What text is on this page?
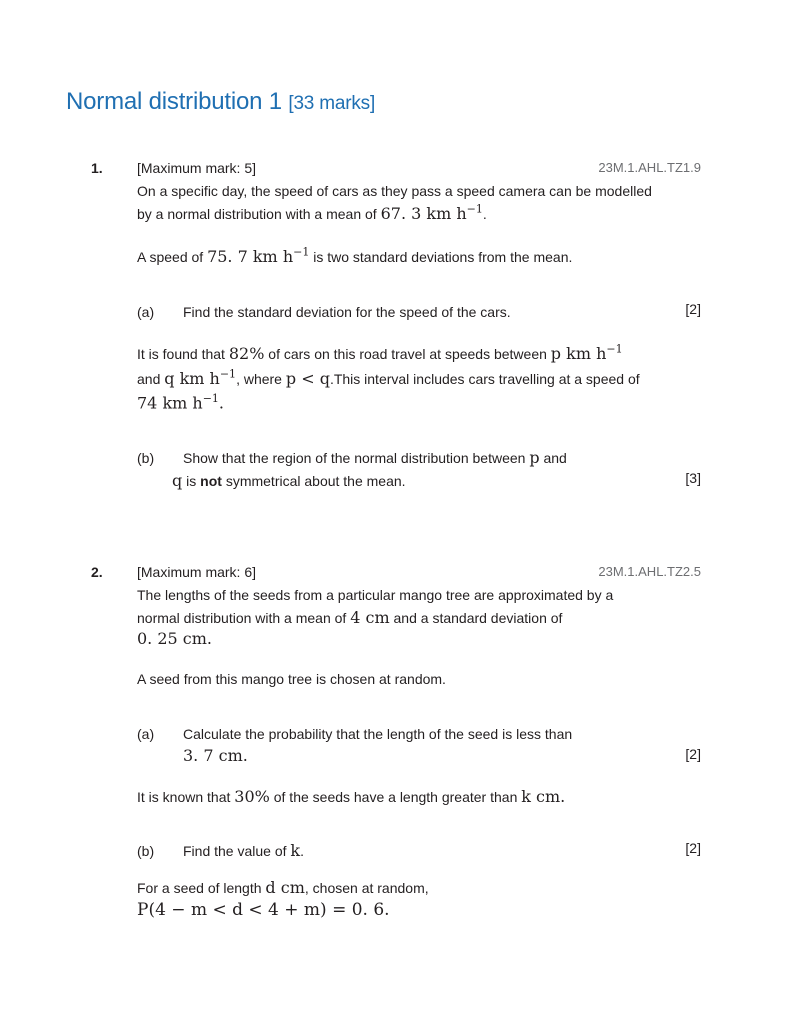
Normal distribution 1 [33 marks]
1. [Maximum mark: 5]	23M.1.AHL.TZ1.9
On a specific day, the speed of cars as they pass a speed camera can be modelled
by a normal distribution with a mean of 67. 3 km $h^{-1}$.
A speed of 75. 7 km $h^{-1}$ is two standard deviations from the mean.
(a) Find the standard deviation for the speed of the cars.	[2]
It is found that 82% of cars on this road travel at speeds between p km $h^{-1}$
and q km $h^{-1}$, where p < q.This interval includes cars travelling at a speed of
74 km $h^{-1}$.
(b) Show that the region of the normal distribution between p and
q is not symmetrical about the mean.	[3]
2. [Maximum mark: 6]	23M.1.AHL.TZ2.5
The lengths of the seeds from a particular mango tree are approximated by a
normal distribution with a mean of 4 cm and a standard deviation of
0. 25 cm.
A seed from this mango tree is chosen at random.
(a) Calculate the probability that the length of the seed is less than
3. 7 cm.	[2]
It is known that 30% of the seeds have a length greater than k cm.
(b) Find the value of k.	[2]
For a seed of length d cm, chosen at random,
P(4 − m < d < 4 + m) = 0. 6.
